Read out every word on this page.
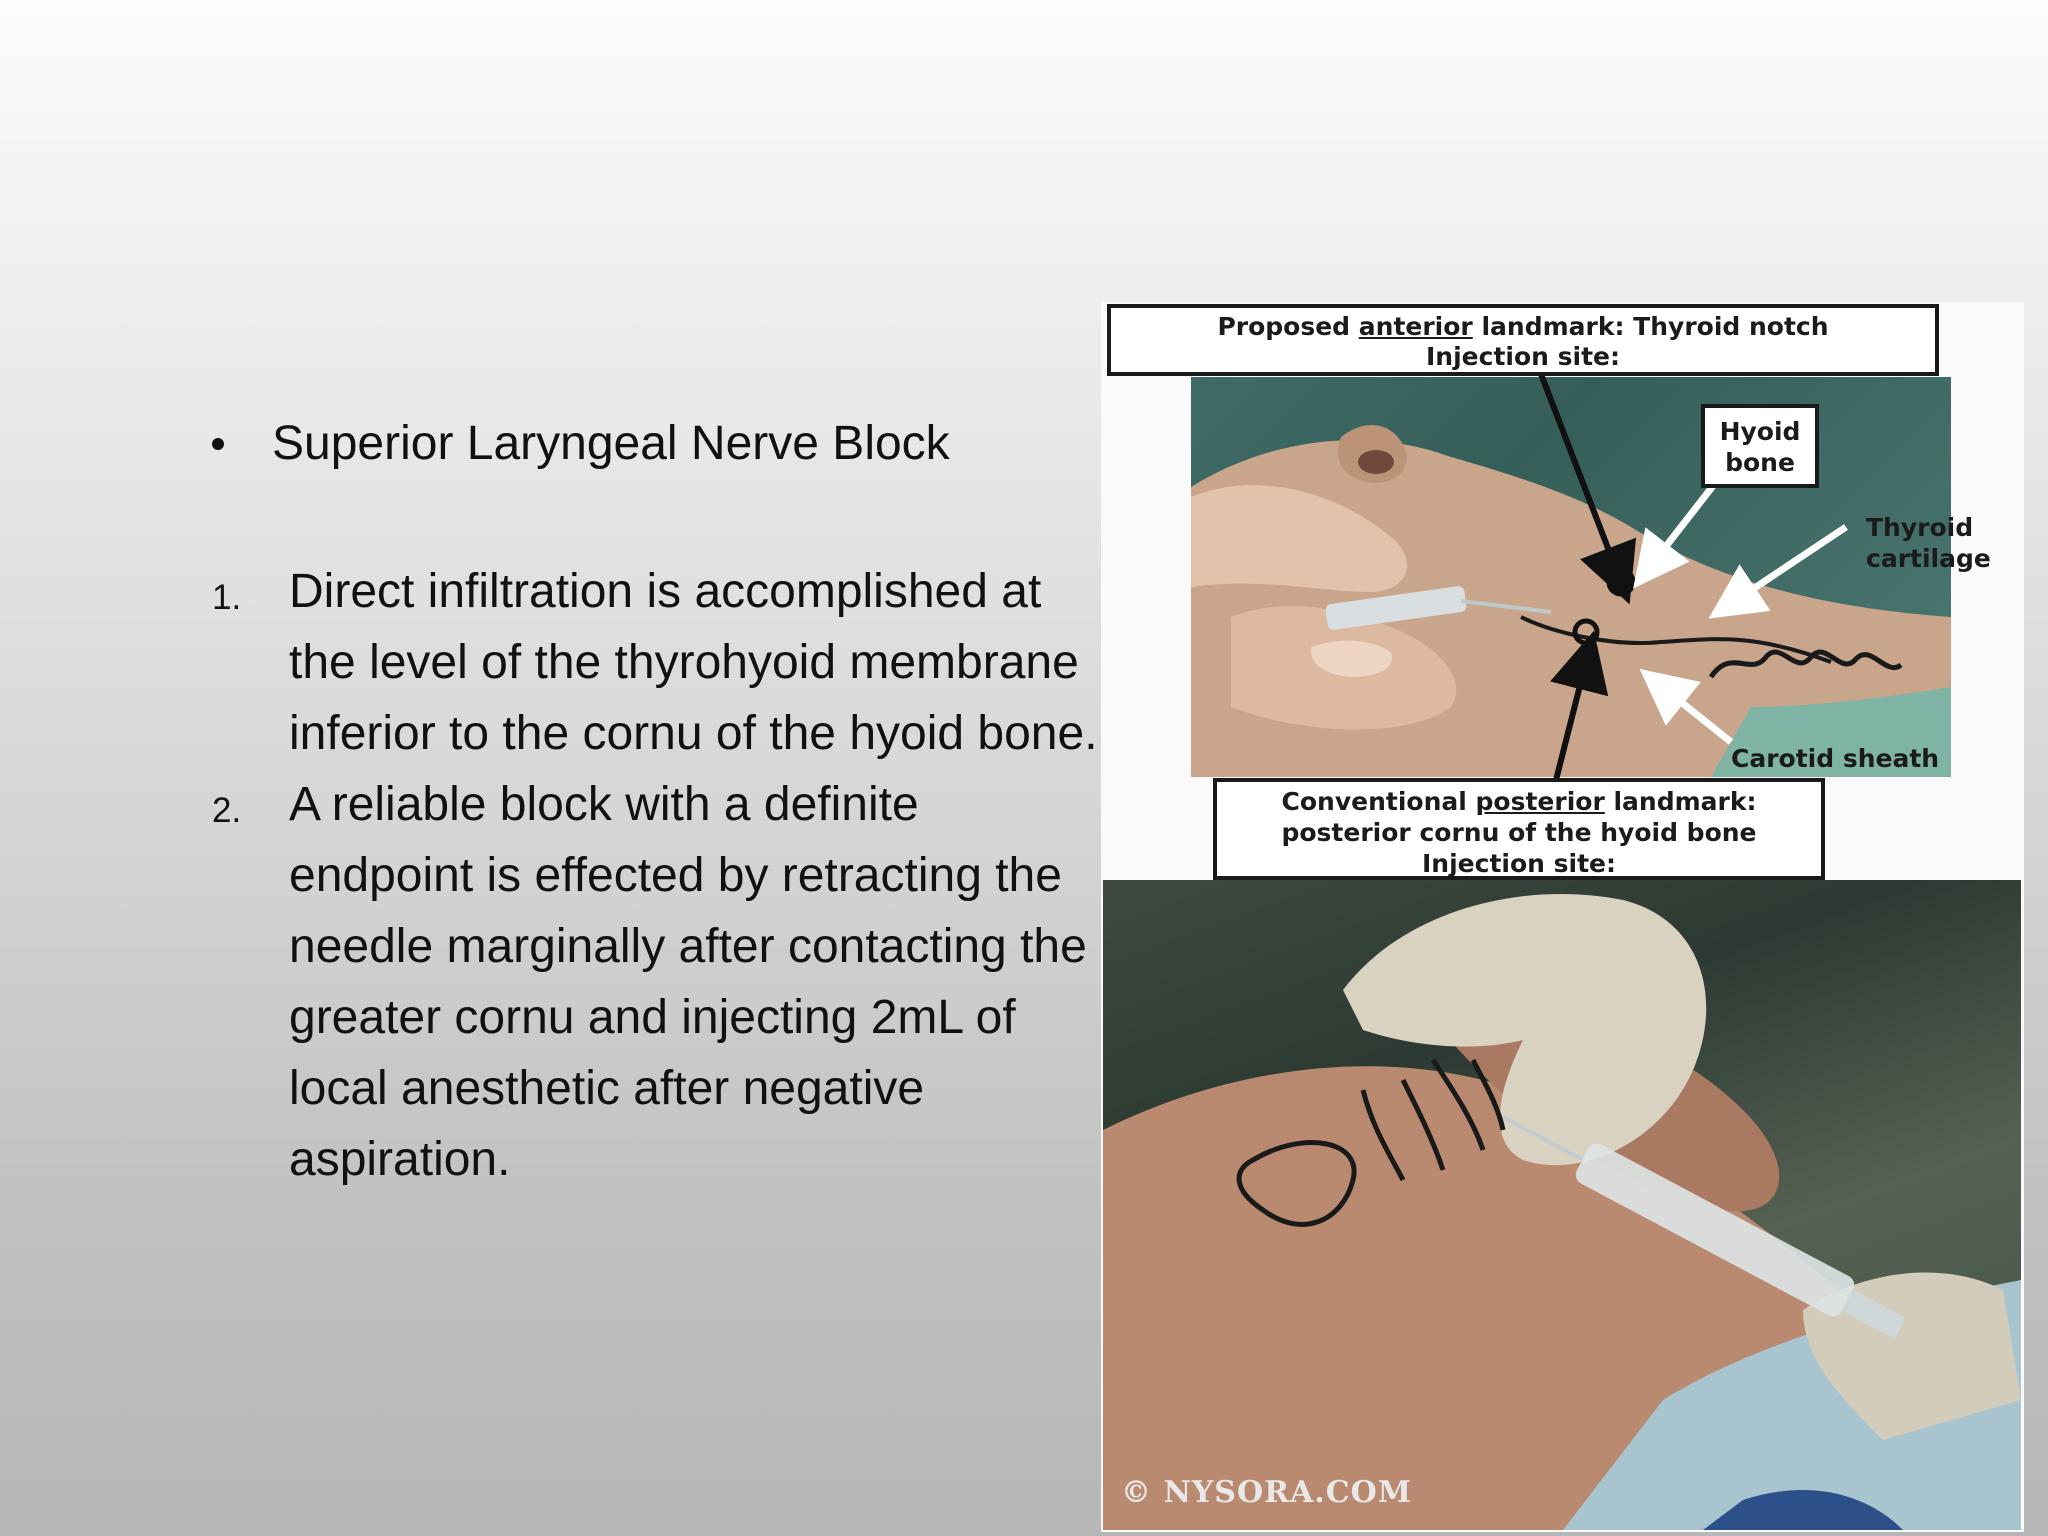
Superior Laryngeal Nerve Block
1. Direct infiltration is accomplished at the level of the thyrohyoid membrane inferior to the cornu of the hyoid bone.
2. A reliable block with a definite endpoint is effected by retracting the needle marginally after contacting the greater cornu and injecting 2mL of local anesthetic after negative aspiration.
© NYSORA.COM
Proposed anterior landmark: Thyroid notch
Injection site:
Hyoid
bone
Thyroid
cartilage
Carotid sheath
Conventional posterior landmark:
posterior cornu of the hyoid bone
Injection site:
